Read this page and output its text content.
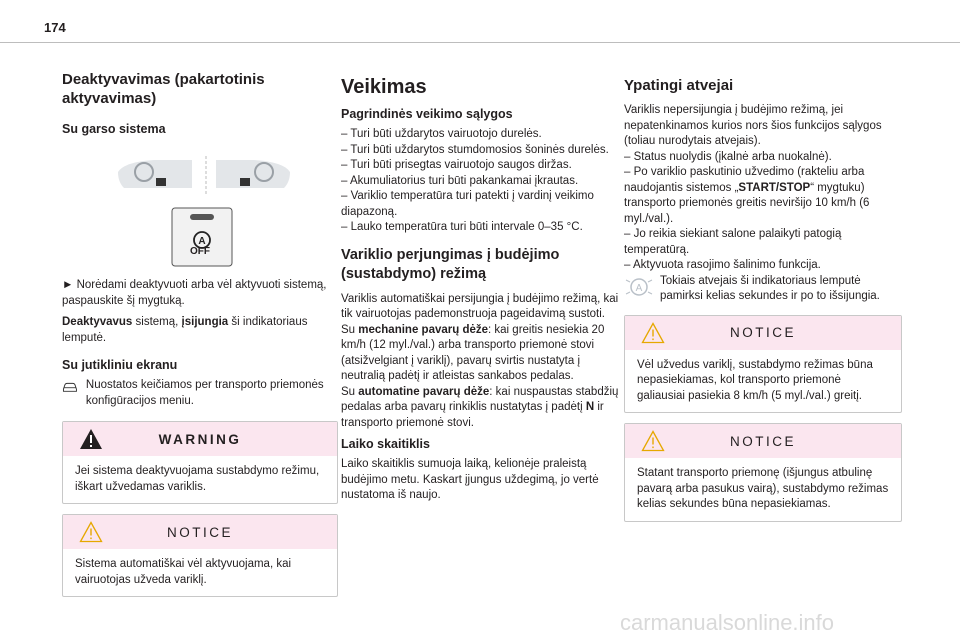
174
Deaktyvavimas (pakartotinis aktyvavimas)
Su garso sistema
A
OFF

► Norėdami deaktyvuoti arba vėl aktyvuoti sistemą, paspauskite šį mygtuką.

Deaktyvavus sistemą, įsijungia ši indikatoriaus lemputė.

Su jutikliniu ekranu
Nuostatos keičiamos per transporto priemonės konfigūracijos meniu.
WARNING
Jei sistema deaktyvuojama sustabdymo režimu, iškart užvedamas variklis.
NOTICE
Sistema automatiškai vėl aktyvuojama, kai vairuotojas užveda variklį.
Veikimas
Pagrindinės veikimo sąlygos

– Turi būti uždarytos vairuotojo durelės.

– Turi būti uždarytos stumdomosios šoninės durelės.

– Turi būti prisegtas vairuotojo saugos diržas.

– Akumuliatorius turi būti pakankamai įkrautas.

– Variklio temperatūra turi patekti į vardinį veikimo diapazoną.

– Lauko temperatūra turi būti intervale 0–35 °C.

Variklio perjungimas į budėjimo (sustabdymo) režimą

Variklis automatiškai persijungia į budėjimo režimą, kai tik vairuotojas pademonstruoja pageidavimą sustoti.

Su mechanine pavarų dėže: kai greitis nesiekia 20 km/h (12 myl./val.) arba transporto priemonė stovi (atsižvelgiant į variklį), pavarų svirtis nustatyta į neutralią padėtį ir atleistas sankabos pedalas.

Su automatine pavarų dėže: kai nuspaustas stabdžių pedalas arba pavarų rinkiklis nustatytas į padėtį N ir transporto priemonė stovi.

Laiko skaitiklis

Laiko skaitiklis sumuoja laiką, kelionėje praleistą budėjimo metu. Kaskart įjungus uždegimą, jo vertė nustatoma iš naujo.

Ypatingi atvejai

Variklis nepersijungia į budėjimo režimą, jei nepatenkinamos kurios nors šios funkcijos sąlygos (toliau nurodytais atvejais).

– Status nuolydis (įkalnė arba nuokalnė).

– Po variklio paskutinio užvedimo (rakteliu arba naudojantis sistemos „START/STOP“ mygtuku) transporto priemonės greitis neviršijo 10 km/h (6 myl./val.).

– Jo reikia siekiant salone palaikyti patogią temperatūrą.

– Aktyvuota rasojimo šalinimo funkcija.

A

Tokiais atvejais ši indikatoriaus lemputė pamirksi kelias sekundes ir po to išsijungia.

NOTICE
Vėl užvedus variklį, sustabdymo režimas būna nepasiekiamas, kol transporto priemonė galiausiai pasiekia 8 km/h (5 myl./val.) greitį.
NOTICE
Statant transporto priemonę (išjungus atbulinę pavarą arba pasukus vairą), sustabdymo režimas kelias sekundes būna nepasiekiamas.
carmanualsonline.info
